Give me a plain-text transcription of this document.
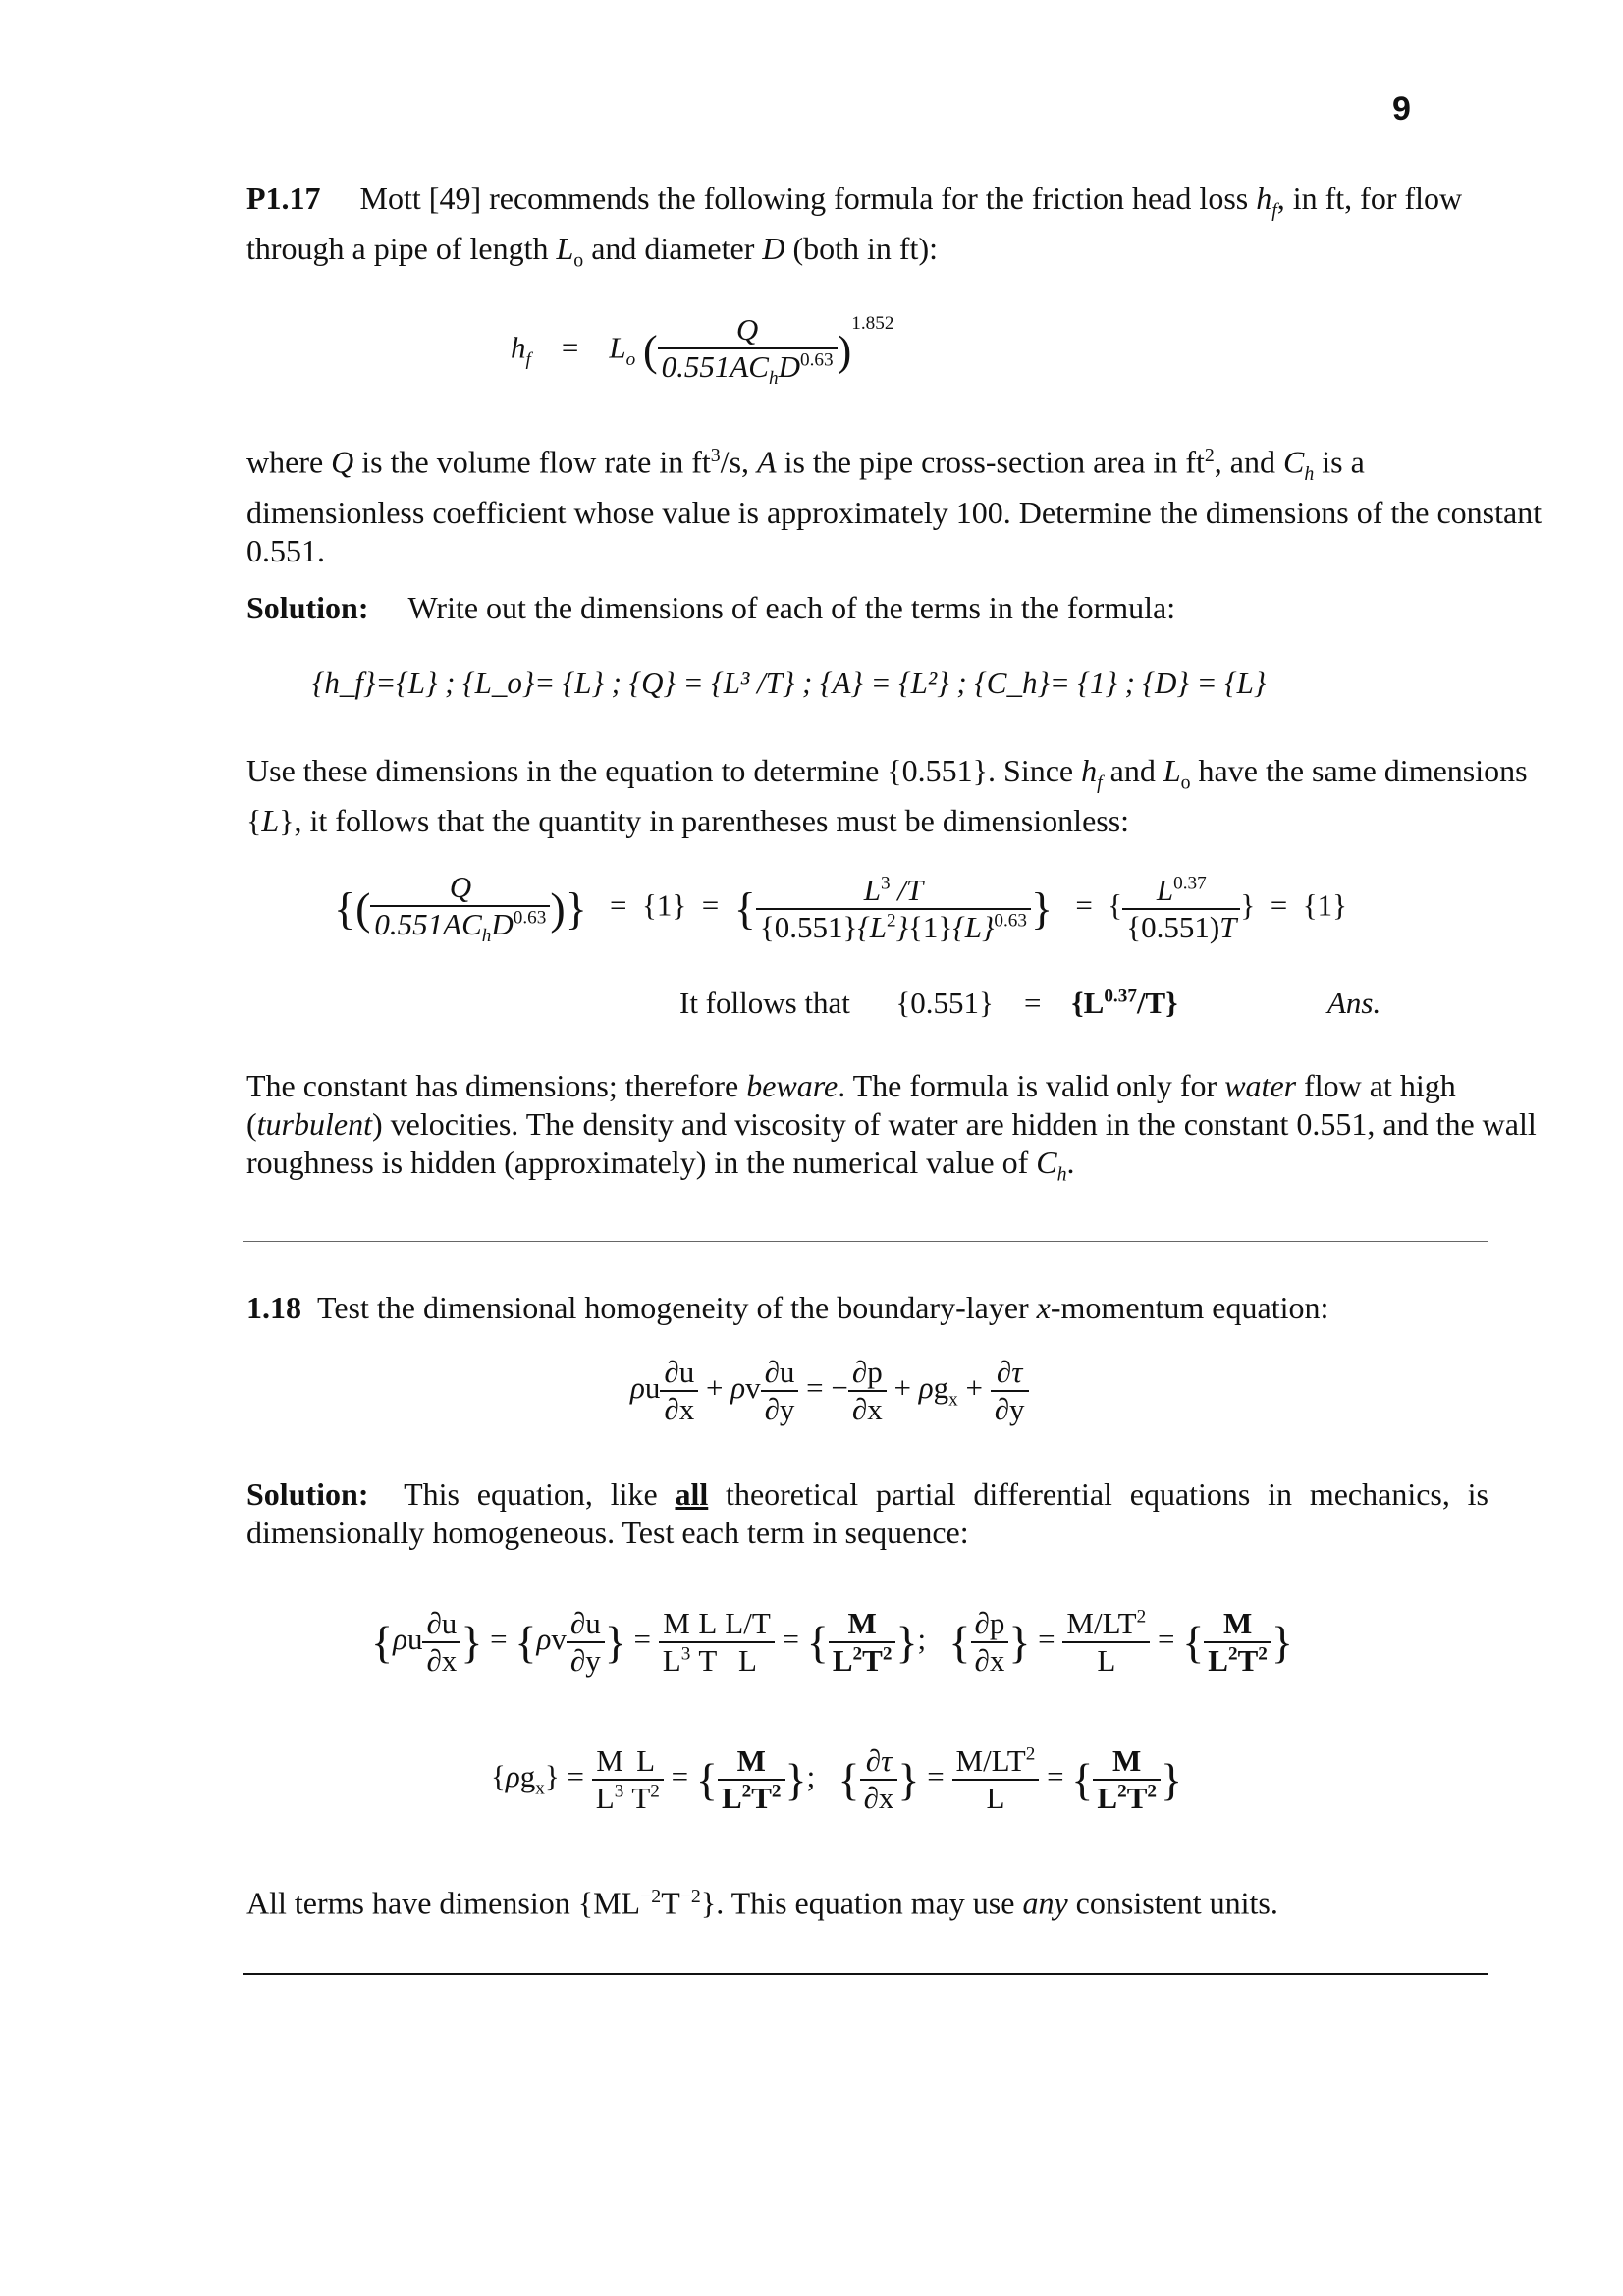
9
P1.17 Mott [49] recommends the following formula for the friction head loss $h_f$, in ft, for flow through a pipe of length $L_o$ and diameter D (both in ft):
$h_f$    =    $L_o$ ( $\frac{Q}{0.551AC_hD^{0.63}} )^{1.852}$
where Q is the volume flow rate in $ft^3/s$, A is the pipe cross-section area in $ft^2$, and $C_h$ is a dimensionless coefficient whose value is approximately 100. Determine the dimensions of the constant 0.551.
Solution: Write out the dimensions of each of the terms in the formula:
{h_f}={L} ; {L_o}= {L} ; {Q} = {L³ /T} ; {A} = {L²} ; {C_h}= {1} ; {D} = {L}
Use these dimensions in the equation to determine {0.551}. Since $h_f$ and $L_o$ have the same dimensions {L}, it follows that the quantity in parentheses must be dimensionless:
{( $\frac{Q}{0.551AC_hD^{0.63}}$ )}   =  {1}  =  { $\frac{L^3 /T}{\{0.551\}\{L^2\}\{1\}\{L\}^{0.63}}$ }   =  { $\frac{L^{0.37}}{\{0.551)T}$ }  =  {1}
It follows that $\{0.551\} = \{L^{0.37}/T\}$	Ans.
The constant has dimensions; therefore beware. The formula is valid only for water flow at high (turbulent) velocities. The density and viscosity of water are hidden in the constant 0.551, and the wall roughness is hidden (approximately) in the numerical value of $C_h$.
1.18 Test the dimensional homogeneity of the boundary-layer x-momentum equation:
ρu $\frac{\partial u}{\partial x} + \rho v \frac{\partial u}{\partial y}$ = − $\frac{\partial p}{\partial x} + \rho g_x + \frac{\partial\tau}{\partial y}$
Solution: This equation, like all theoretical partial differential equations in mechanics, is dimensionally homogeneous. Test each term in sequence:
{$\rho u \frac{\partial u}{\partial x}$ } = {$\rho v \frac{\partial u}{\partial y}$ } = $\frac{M}{L^3} \frac{L}{T} \frac{L/T}{L}$ = { $\frac{M}{L^2T^2}$ };   { $\frac{\partial p}{\partial x}$ } = $\frac{M/LT^2}{L}$ = { $\frac{M}{L^2T^2}$ }
$\{\rho g_x\} = \frac{M}{L^3} \frac{L}{T^2}$ = { $\frac{M}{L^2T^2}$ };   { $\frac{\partial\tau}{\partial x}$ } = $\frac{M/LT^2}{L}$ = { $\frac{M}{L^2T^2}$ }
All terms have dimension $\{ML^{-2}T^{-2}\}$. This equation may use any consistent units.
